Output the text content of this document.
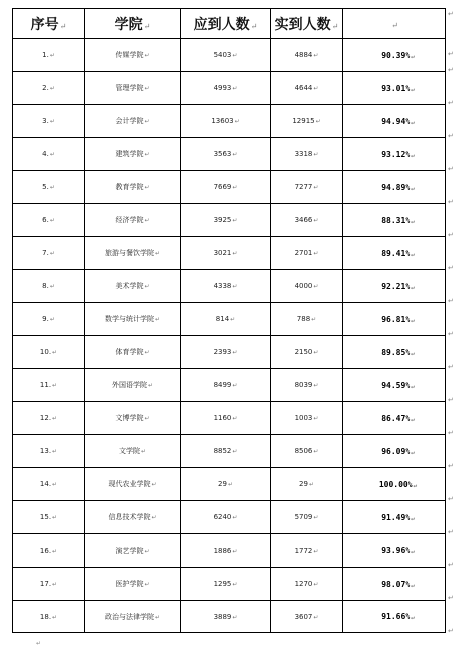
序号↵	学院↵	应到人数↵	实到人数↵	↵
1.↵	传媒学院↵	5403↵	4884↵	90.39%↵
2.↵	管理学院↵	4993↵	4644↵	93.01%↵
3.↵	会计学院↵	13603↵	12915↵	94.94%↵
4.↵	建筑学院↵	3563↵	3318↵	93.12%↵
5.↵	教育学院↵	7669↵	7277↵	94.89%↵
6.↵	经济学院↵	3925↵	3466↵	88.31%↵
7.↵	旅游与餐饮学院↵	3021↵	2701↵	89.41%↵
8.↵	美术学院↵	4338↵	4000↵	92.21%↵
9.↵	数学与统计学院↵	814↵	788↵	96.81%↵
10.↵	体育学院↵	2393↵	2150↵	89.85%↵
11.↵	外国语学院↵	8499↵	8039↵	94.59%↵
12.↵	文博学院↵	1160↵	1003↵	86.47%↵
13.↵	文学院↵	8852↵	8506↵	96.09%↵
14.↵	现代农业学院↵	29↵	29↵	100.00%↵
15.↵	信息技术学院↵	6240↵	5709↵	91.49%↵
16.↵	演艺学院↵	1886↵	1772↵	93.96%↵
17.↵	医护学院↵	1295↵	1270↵	98.07%↵
18.↵	政治与法律学院↵	3889↵	3607↵	91.66%↵
↵
↵
↵
↵
↵
↵
↵
↵
↵
↵
↵
↵
↵
↵
↵
↵
↵
↵
↵
↵
↵
